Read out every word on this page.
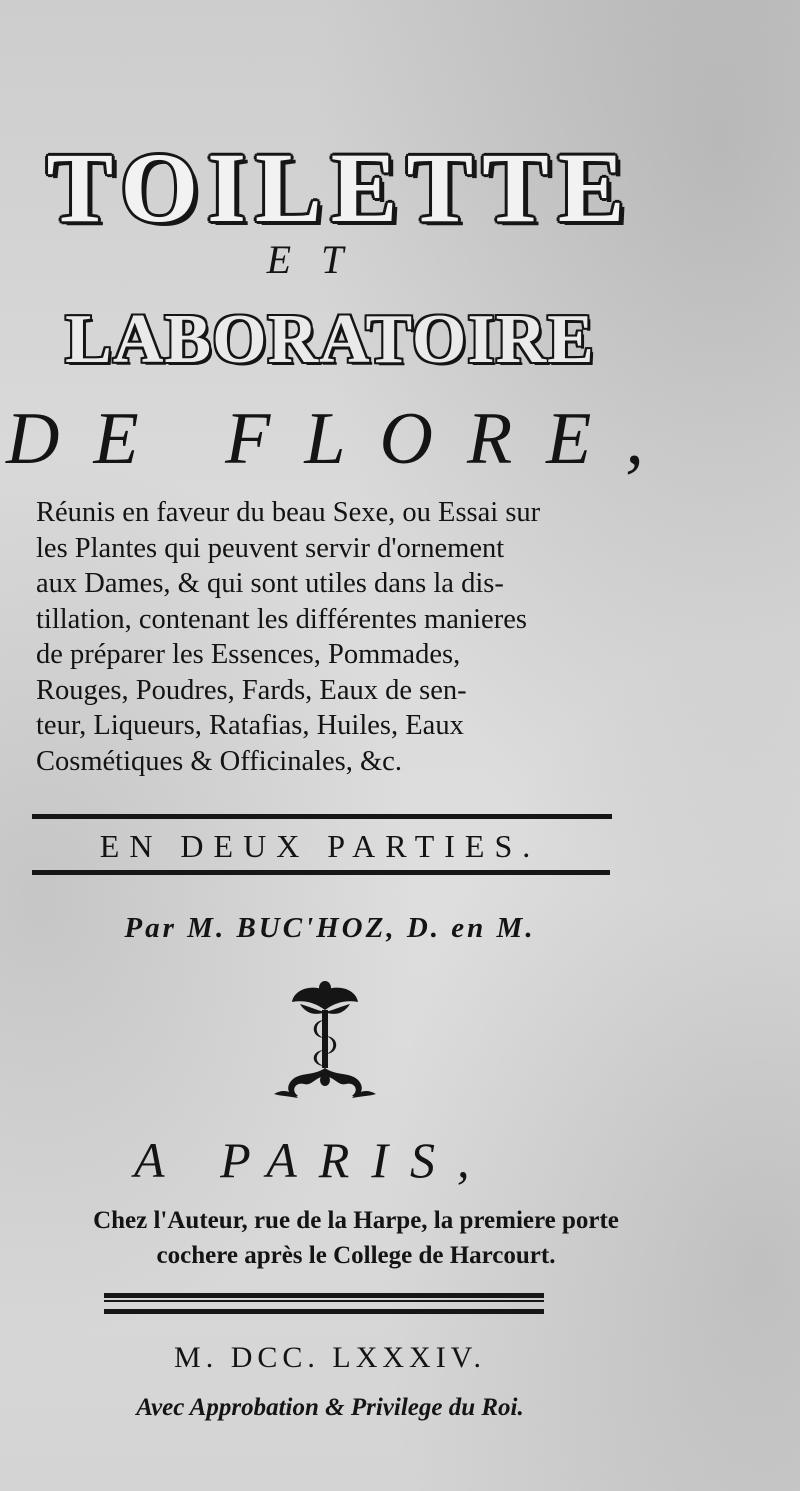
TOILETTE
ET
LABORATOIRE
DE FLORE,
Réunis en faveur du beau Sexe, ou Essai sur
les Plantes qui peuvent servir d'ornement
aux Dames, & qui sont utiles dans la dis-
tillation, contenant les différentes manieres
de préparer les Essences, Pommades,
Rouges, Poudres, Fards, Eaux de sen-
teur, Liqueurs, Ratafias, Huiles, Eaux
Cosmétiques & Officinales, &c.
EN DEUX PARTIES.
Par M. BUC'HOZ, D. en M.
A PARIS,
Chez l'Auteur, rue de la Harpe, la premiere porte
cochere après le College de Harcourt.
M. DCC. LXXXIV.
Avec Approbation & Privilege du Roi.
